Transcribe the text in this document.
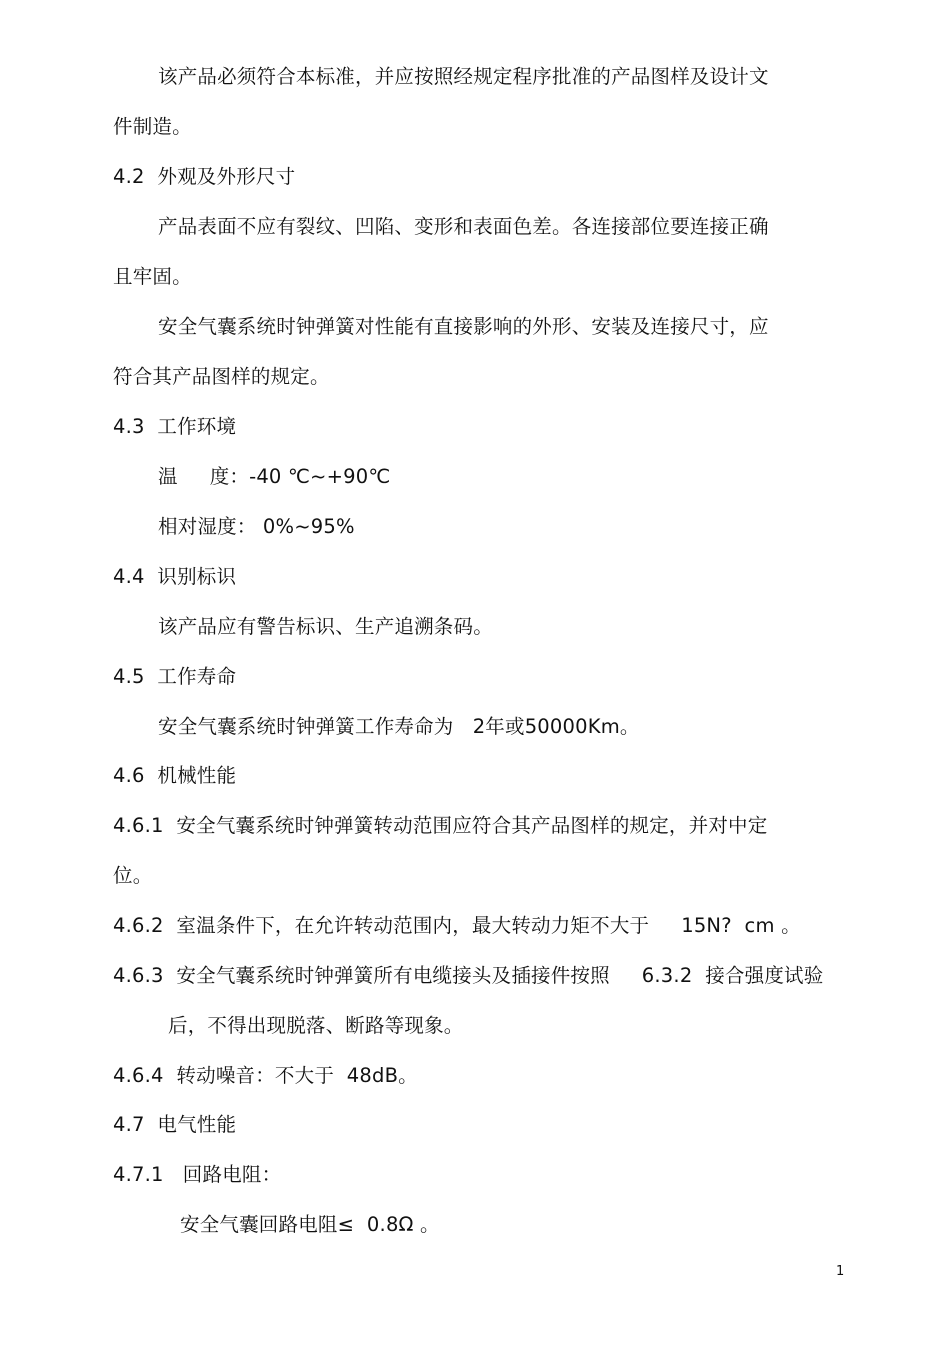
该产品必须符合本标准，并应按照经规定程序批准的产品图样及设计文

件制造。

4.2  外观及外形尺寸

产品表面不应有裂纹、凹陷、变形和表面色差。各连接部位要连接正确

且牢固。

安全气囊系统时钟弹簧对性能有直接影响的外形、安装及连接尺寸，应

符合其产品图样的规定。

4.3  工作环境

温     度：-40 ℃~+90℃

相对湿度： 0%~95%

4.4  识别标识

该产品应有警告标识、生产追溯条码。

4.5  工作寿命

安全气囊系统时钟弹簧工作寿命为   2年或50000Km。

4.6  机械性能

4.6.1  安全气囊系统时钟弹簧转动范围应符合其产品图样的规定，并对中定

位。

4.6.2  室温条件下，在允许转动范围内，最大转动力矩不大于     15N?  cm 。

4.6.3  安全气囊系统时钟弹簧所有电缆接头及插接件按照     6.3.2  接合强度试验

后，不得出现脱落、断路等现象。

4.6.4  转动噪音：不大于  48dB。

4.7  电气性能

4.7.1   回路电阻：

安全气囊回路电阻≤  0.8Ω 。

1
